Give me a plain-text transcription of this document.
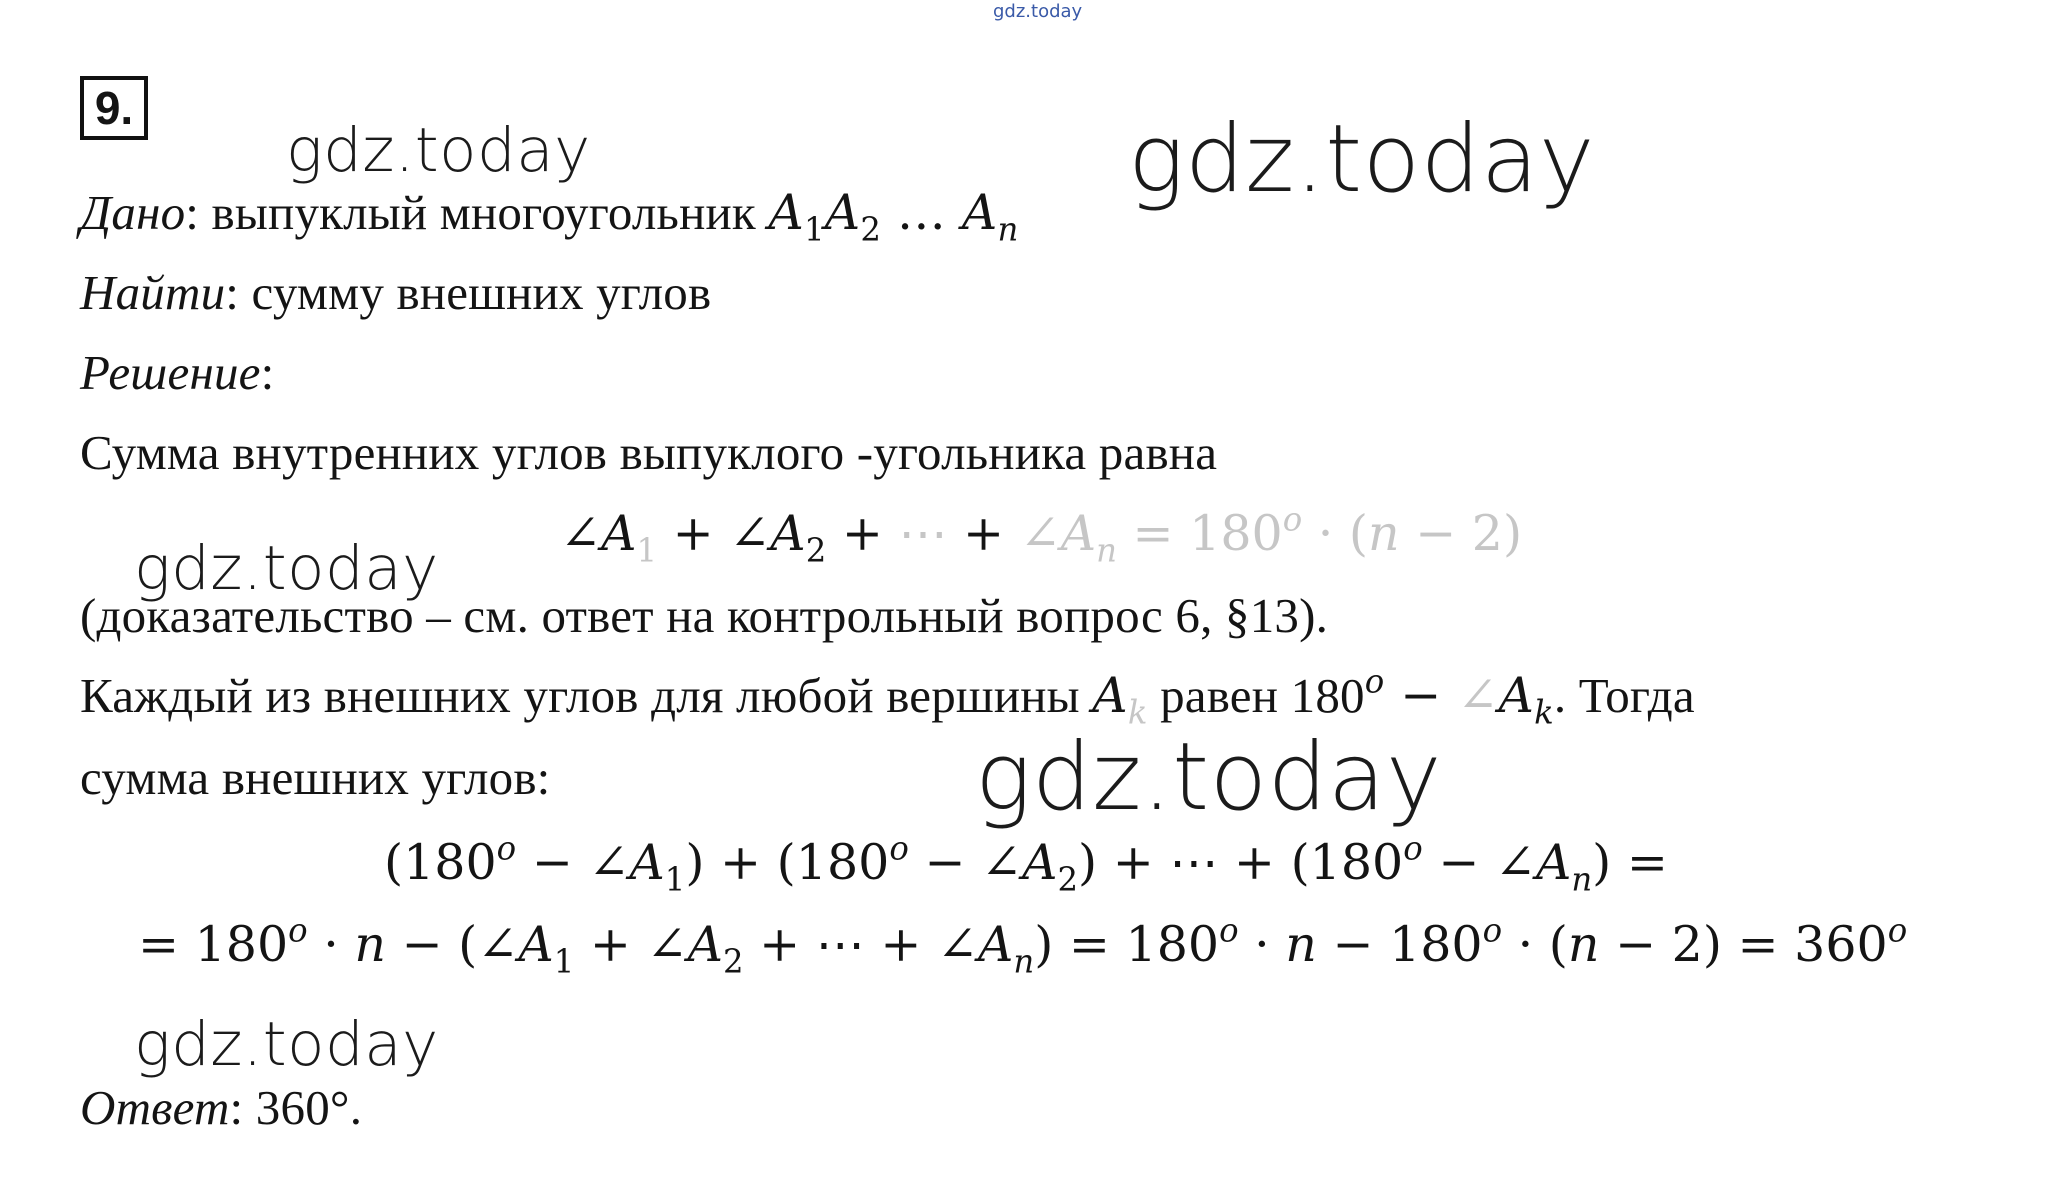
gdz.today
9.
gdz.today	gdz.today
gdz.today
gdz.today
gdz.today
Дано: выпуклый многоугольник $A_1A_2$ … $A_n$
Найти: сумму внешних углов
Решение:
Сумма внутренних углов выпуклого -угольника равна
$\angle A_1$ + $\angle A_2$ + ⋯ + $\angle A_n = 180^o \cdot (n - 2)$
(доказательство – см. ответ на контрольный вопрос 6, §13).
Каждый из внешних углов для любой вершины $A_k$ равен $180^o$ − $\angle A_k$. Тогда
сумма внешних углов:
($180^o$ − $\angle A_1) + (180^o$ − $\angle A_2$) + ⋯ + ($180^o$ − $\angle A_n$) =
= $180^o \cdot n$ − ($\angle A_1$ + $\angle A_2$ + ⋯ + $\angle A_n) = 180^o \cdot n - 180^o \cdot (n - 2) = 360^o$
Ответ: 360°.
